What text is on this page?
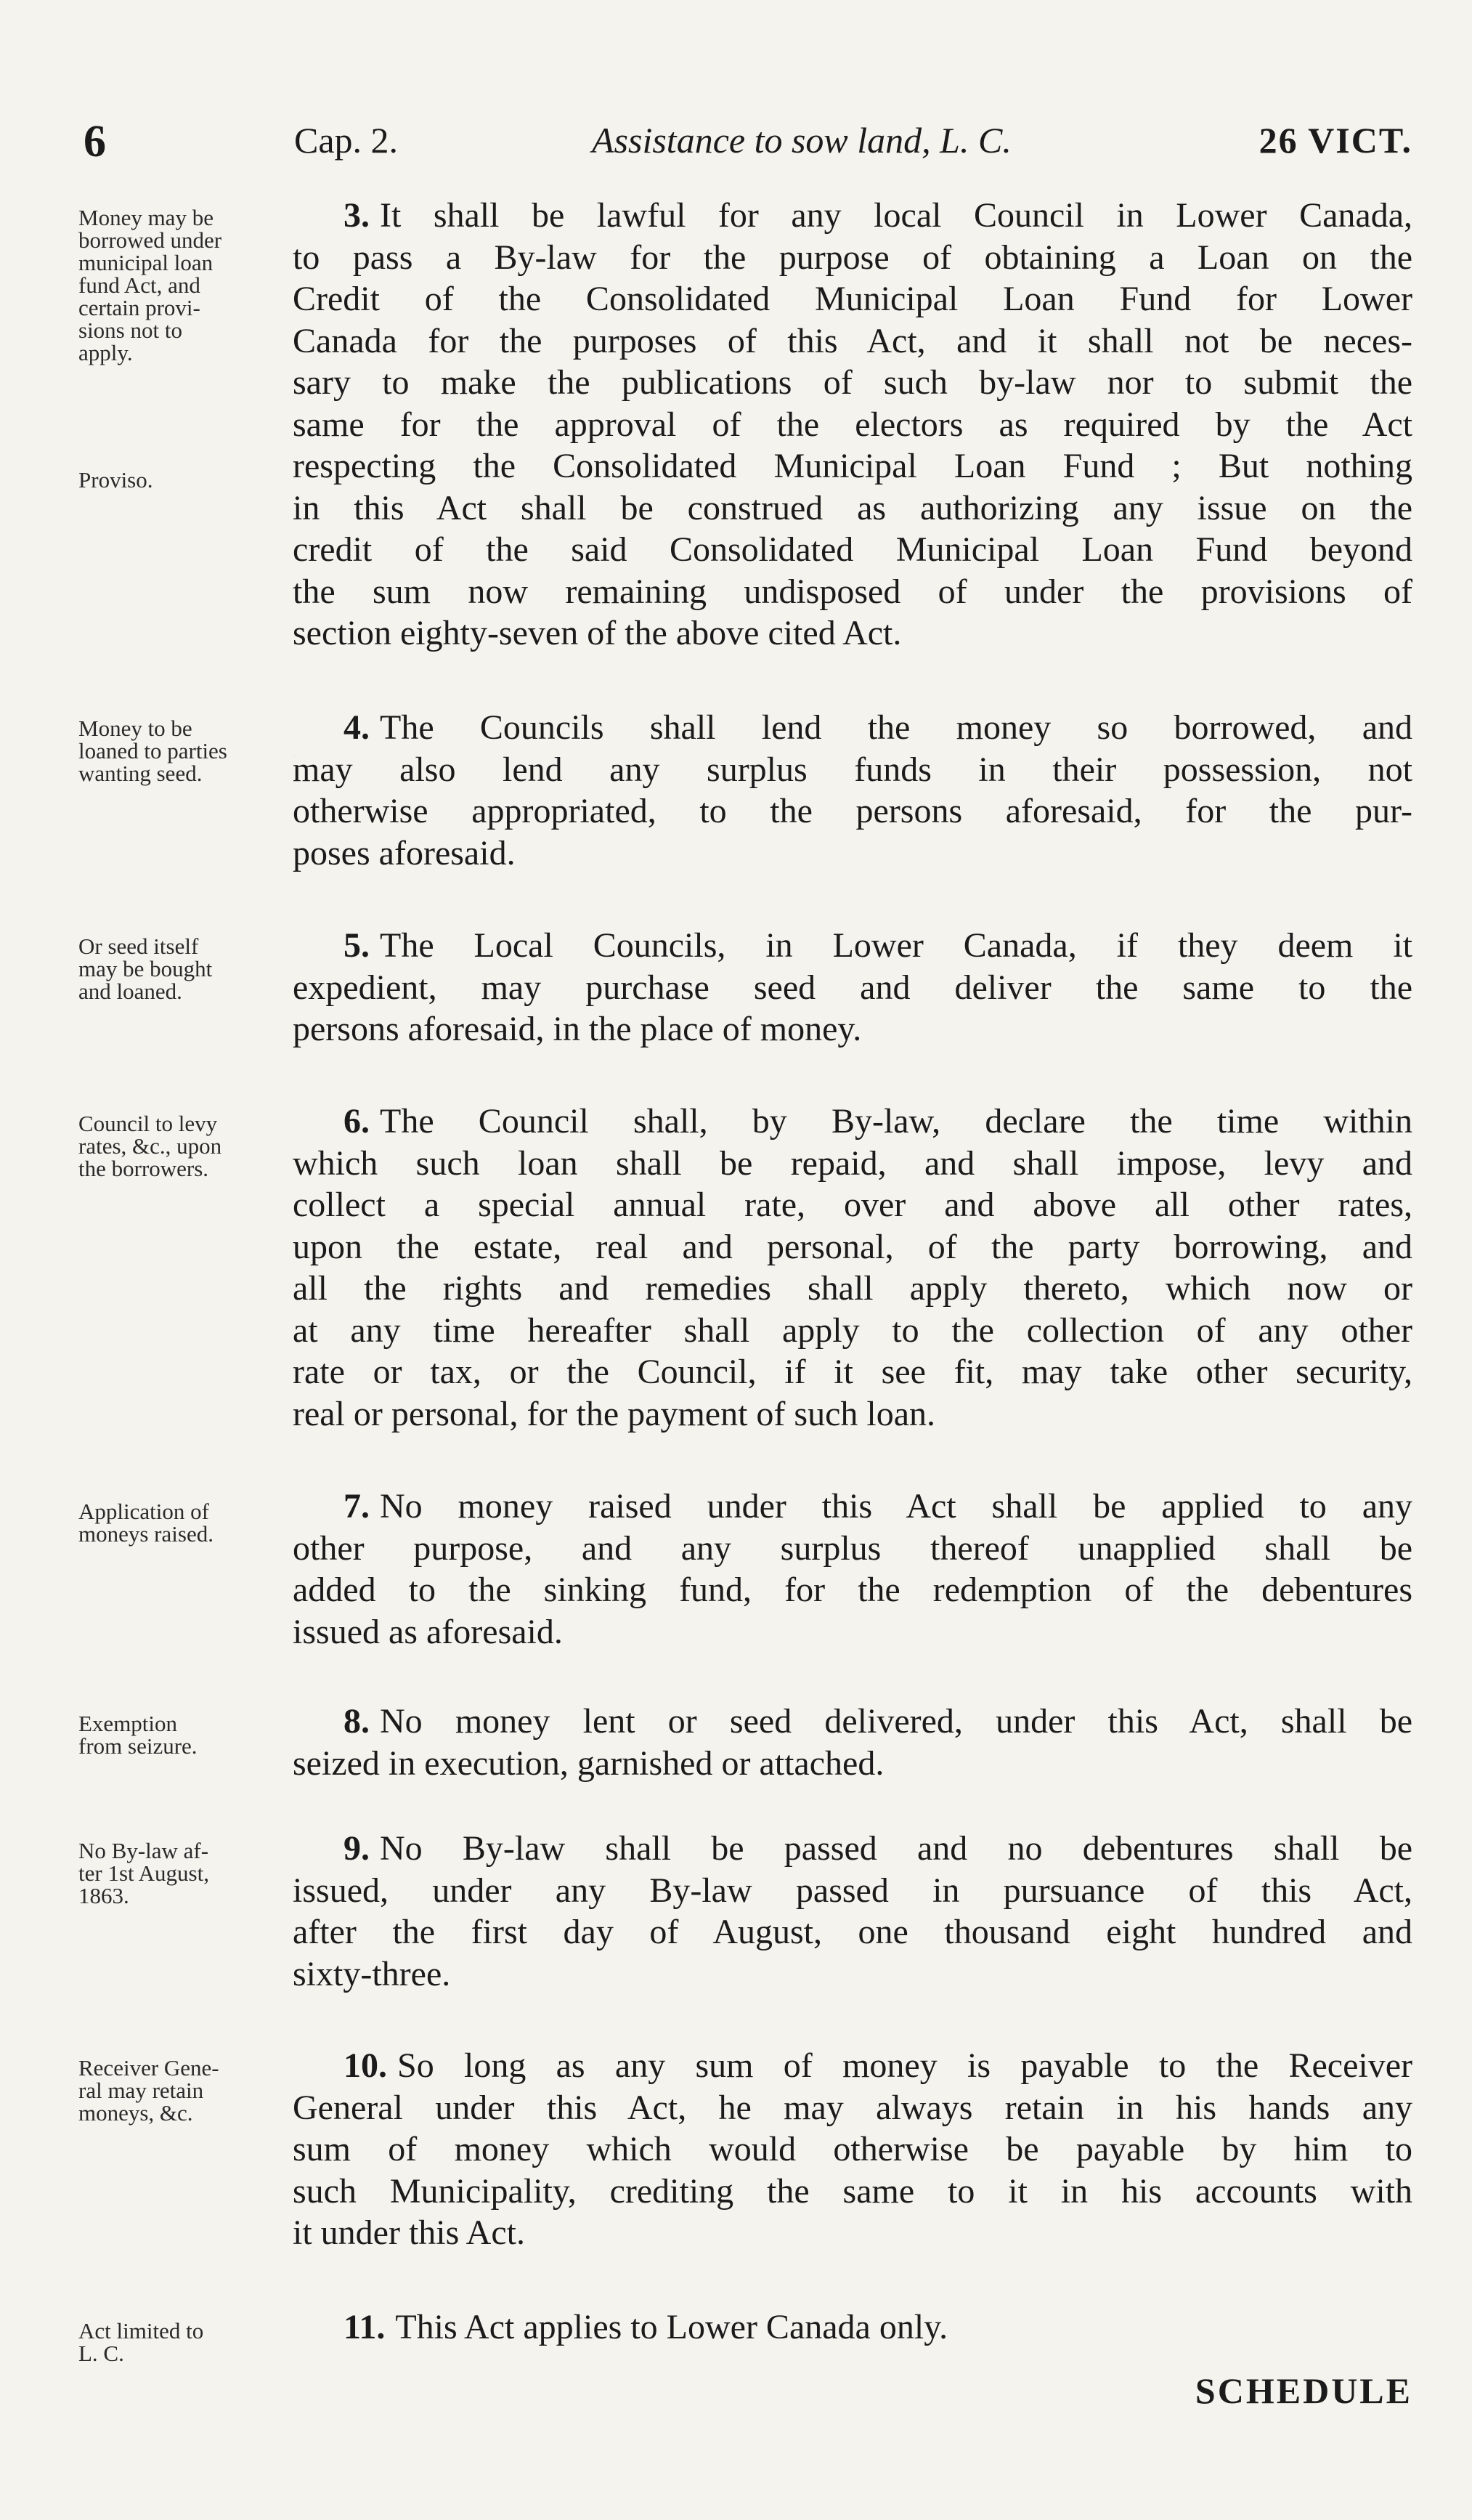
6	Cap. 2.	Assistance to sow land, L. C.	26 VICT.
Money may be
borrowed under
municipal loan
fund Act, and
certain provi-
sions not to
apply.
Proviso.
3. It shall be lawful for any local Council in Lower Canada,
to pass a By-law for the purpose of obtaining a Loan on the
Credit of the Consolidated Municipal Loan Fund for Lower
Canada for the purposes of this Act, and it shall not be neces-
sary to make the publications of such by-law nor to submit the
same for the approval of the electors as required by the Act
respecting the Consolidated Municipal Loan Fund ; But nothing
in this Act shall be construed as authorizing any issue on the
credit of the said Consolidated Municipal Loan Fund beyond
the sum now remaining undisposed of under the provisions of
section eighty-seven of the above cited Act.
Money to be
loaned to parties
wanting seed.
4. The Councils shall lend the money so borrowed, and
may also lend any surplus funds in their possession, not
otherwise appropriated, to the persons aforesaid, for the pur-
poses aforesaid.
Or seed itself
may be bought
and loaned.
5. The Local Councils, in Lower Canada, if they deem it
expedient, may purchase seed and deliver the same to the
persons aforesaid, in the place of money.
Council to levy
rates, &c., upon
the borrowers.
6. The Council shall, by By-law, declare the time within
which such loan shall be repaid, and shall impose, levy and
collect a special annual rate, over and above all other rates,
upon the estate, real and personal, of the party borrowing, and
all the rights and remedies shall apply thereto, which now or
at any time hereafter shall apply to the collection of any other
rate or tax, or the Council, if it see fit, may take other security,
real or personal, for the payment of such loan.
Application of
moneys raised.
7. No money raised under this Act shall be applied to any
other purpose, and any surplus thereof unapplied shall be
added to the sinking fund, for the redemption of the debentures
issued as aforesaid.
Exemption
from seizure.
8. No money lent or seed delivered, under this Act, shall be
seized in execution, garnished or attached.
No By-law af-
ter 1st August,
1863.
9. No By-law shall be passed and no debentures shall be
issued, under any By-law passed in pursuance of this Act,
after the first day of August, one thousand eight hundred and
sixty-three.
Receiver Gene-
ral may retain
moneys, &c.
10. So long as any sum of money is payable to the Receiver
General under this Act, he may always retain in his hands any
sum of money which would otherwise be payable by him to
such Municipality, crediting the same to it in his accounts with
it under this Act.
Act limited to
L. C.
11. This Act applies to Lower Canada only.
SCHEDULE
